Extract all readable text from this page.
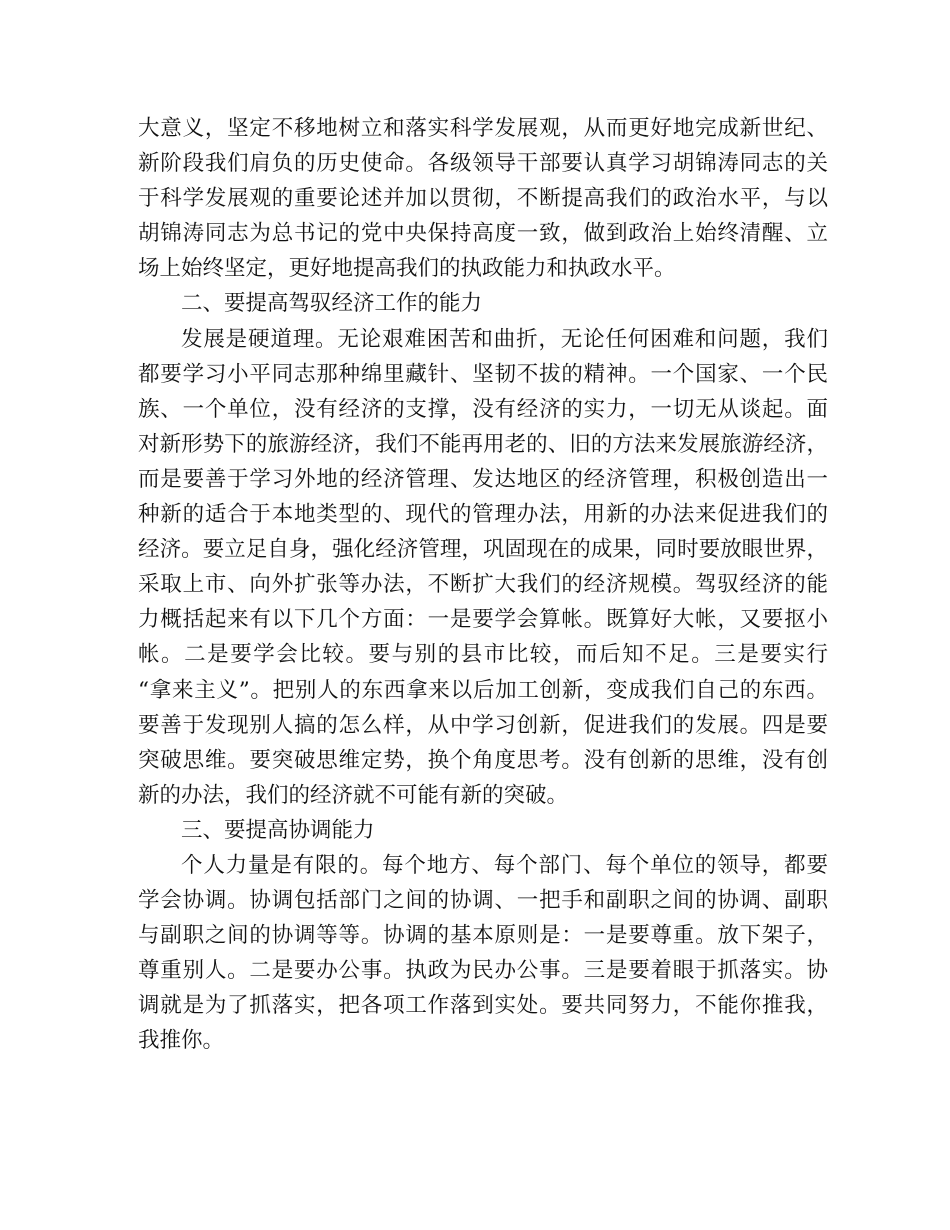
大意义，坚定不移地树立和落实科学发展观，从而更好地完成新世纪、
新阶段我们肩负的历史使命。各级领导干部要认真学习胡锦涛同志的关
于科学发展观的重要论述并加以贯彻，不断提高我们的政治水平，与以
胡锦涛同志为总书记的党中央保持高度一致，做到政治上始终清醒、立
场上始终坚定，更好地提高我们的执政能力和执政水平。
二、要提高驾驭经济工作的能力
发展是硬道理。无论艰难困苦和曲折，无论任何困难和问题，我们
都要学习小平同志那种绵里藏针、坚韧不拔的精神。一个国家、一个民
族、一个单位，没有经济的支撑，没有经济的实力，一切无从谈起。面
对新形势下的旅游经济，我们不能再用老的、旧的方法来发展旅游经济，
而是要善于学习外地的经济管理、发达地区的经济管理，积极创造出一
种新的适合于本地类型的、现代的管理办法，用新的办法来促进我们的
经济。要立足自身，强化经济管理，巩固现在的成果，同时要放眼世界，
采取上市、向外扩张等办法，不断扩大我们的经济规模。驾驭经济的能
力概括起来有以下几个方面：一是要学会算帐。既算好大帐，又要抠小
帐。二是要学会比较。要与别的县市比较，而后知不足。三是要实行
“拿来主义”。把别人的东西拿来以后加工创新，变成我们自己的东西。
要善于发现别人搞的怎么样，从中学习创新，促进我们的发展。四是要
突破思维。要突破思维定势，换个角度思考。没有创新的思维，没有创
新的办法，我们的经济就不可能有新的突破。
三、要提高协调能力
个人力量是有限的。每个地方、每个部门、每个单位的领导，都要
学会协调。协调包括部门之间的协调、一把手和副职之间的协调、副职
与副职之间的协调等等。协调的基本原则是：一是要尊重。放下架子，
尊重别人。二是要办公事。执政为民办公事。三是要着眼于抓落实。协
调就是为了抓落实，把各项工作落到实处。要共同努力，不能你推我，
我推你。
